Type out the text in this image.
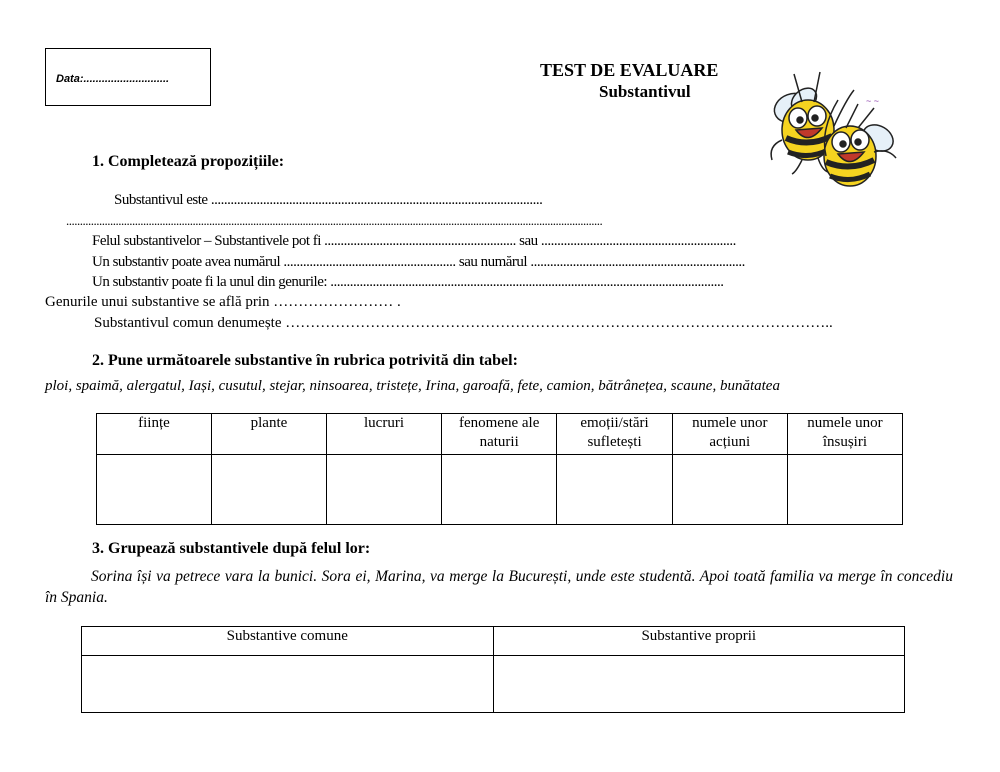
Data:............................	TEST DE EVALUARE
Substantivul	~ ~
1. Completează propozițiile:
Substantivul este ......................................................................................................
...................................................................................................................................................................................................
Felul substantivelor – Substantivele pot fi ........................................................... sau ............................................................
Un substantiv poate avea numărul ..................................................... sau numărul ..................................................................
Un substantiv poate fi la unul din genurile: .........................................................................................................................
Genurile unui substantive se află prin …………………… .
Substantivul comun denumește ………………………………………………………………………………………………..
2. Pune următoarele substantive în rubrica potrivită din tabel:
ploi, spaimă, alergatul, Iași, cusutul, stejar, ninsoarea, tristețe, Irina, garoafă, fete, camion, bătrânețea, scaune, bunătatea
ființe	plante	lucruri	fenomene ale naturii	emoții/stări sufletești	numele unor acțiuni	numele unor însușiri

3. Grupează substantivele după felul lor:
Sorina își va petrece vara la bunici. Sora ei, Marina, va merge la București, unde este studentă. Apoi toată familia va merge în concediu în Spania.
Substantive comune	Substantive proprii
